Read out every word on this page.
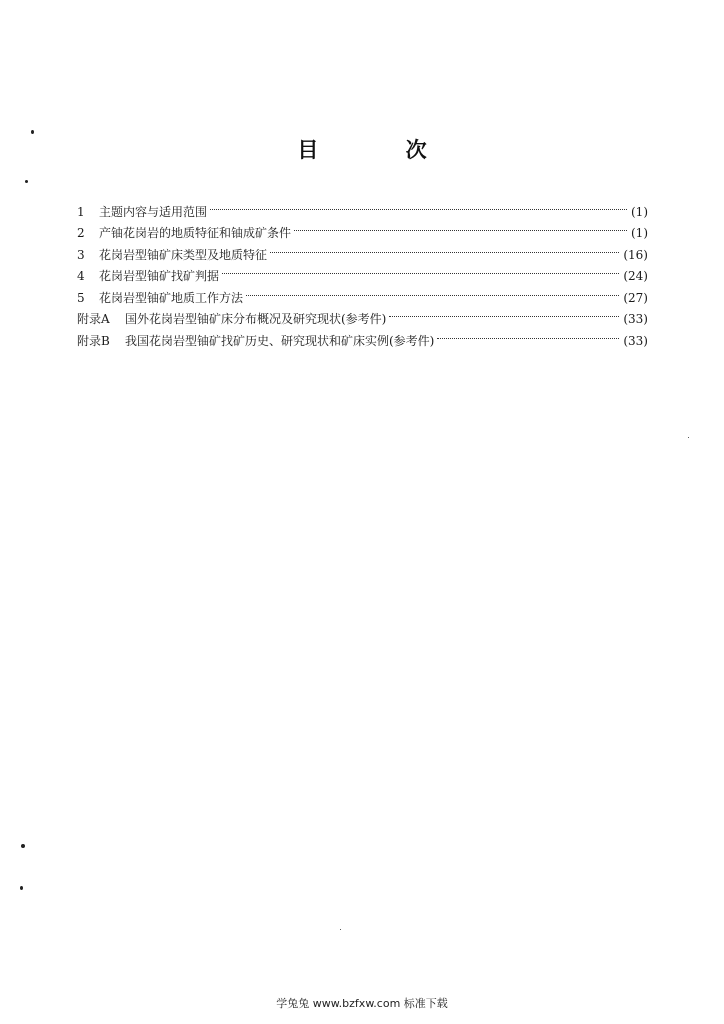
目 次
1	主题内容与适用范围	(1)
2	产铀花岗岩的地质特征和铀成矿条件	(1)
3	花岗岩型铀矿床类型及地质特征	(16)
4	花岗岩型铀矿找矿判据	(24)
5	花岗岩型铀矿地质工作方法	(27)
附录A	国外花岗岩型铀矿床分布概况及研究现状(参考件)	(33)
附录B	我国花岗岩型铀矿找矿历史、研究现状和矿床实例(参考件)	(33)
学兔兔 www.bzfxw.com 标准下载
